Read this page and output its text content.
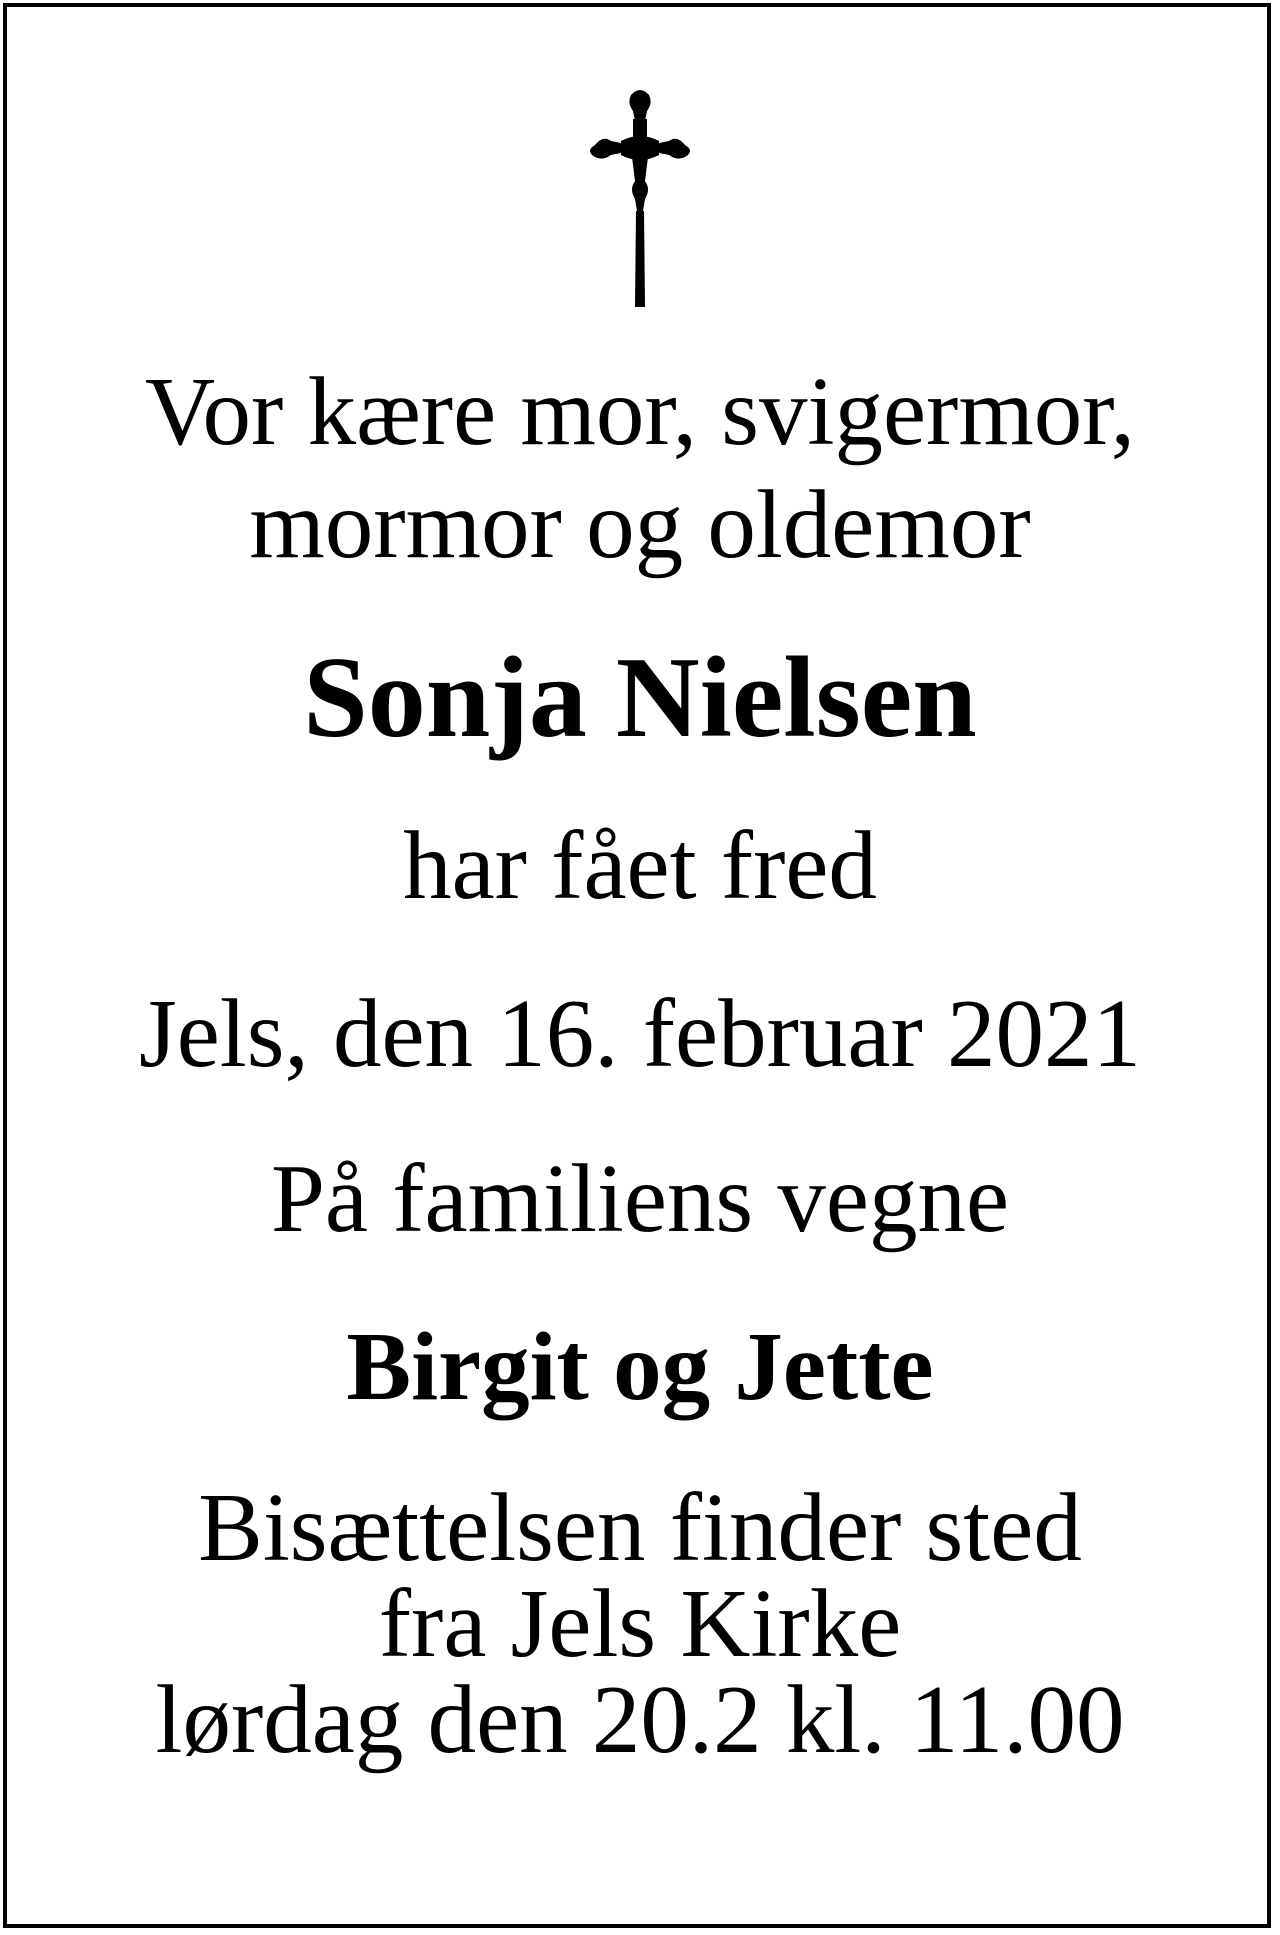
Vor kære mor, svigermor,
mormor og oldemor
Sonja Nielsen
har fået fred
Jels, den 16. februar 2021
På familiens vegne
Birgit og Jette
Bisættelsen finder sted
fra Jels Kirke
lørdag den 20.2 kl. 11.00
